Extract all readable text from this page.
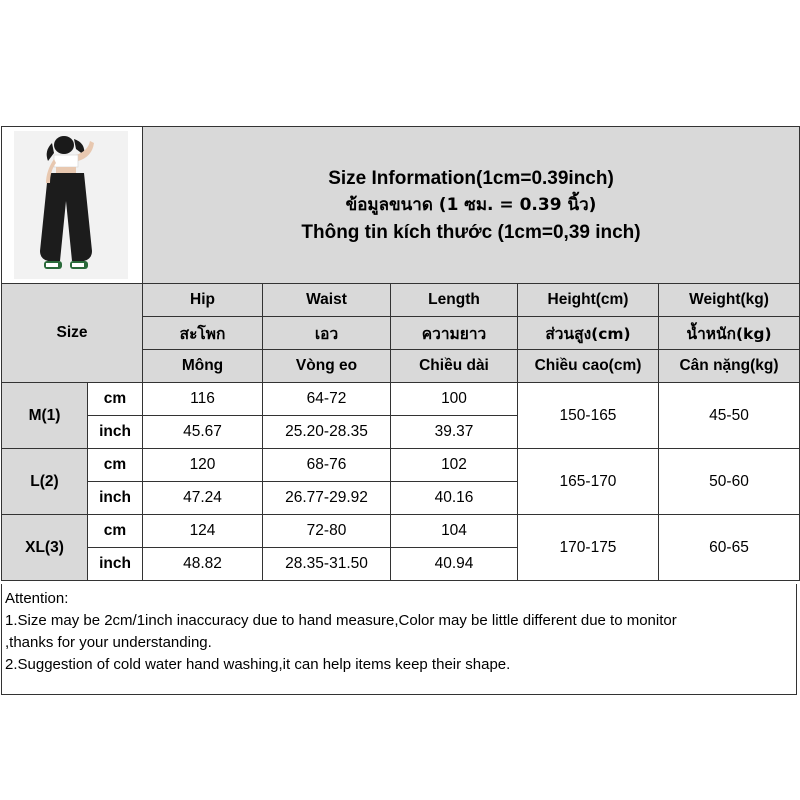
Size Information(1cm=0.39inch)
ข้อมูลขนาด (1 ซม. = 0.39 นิ้ว)
Thông tin kích thước (1cm=0,39 inch)				

Size		Hip	Waist	Length	Height(cm)	Weight(kg)
		สะโพก	เอว	ความยาว	ส่วนสูง(cm)	น้ำหนัก(kg)
		Mông	Vòng eo	Chiều dài	Chiều cao(cm)	Cân nặng(kg)
M(1)	cm	116	64-72	100	150-165	45-50
	inch	45.67	25.20-28.35	39.37		
L(2)	cm	120	68-76	102	165-170	50-60
	inch	47.24	26.77-29.92	40.16		
XL(3)	cm	124	72-80	104	170-175	60-65
	inch	48.82	28.35-31.50	40.94		
Attention:
1.Size may be 2cm/1inch inaccuracy due to hand measure,Color may be little different due to monitor
,thanks for your understanding.
2.Suggestion of cold water hand washing,it can help items keep their shape.
